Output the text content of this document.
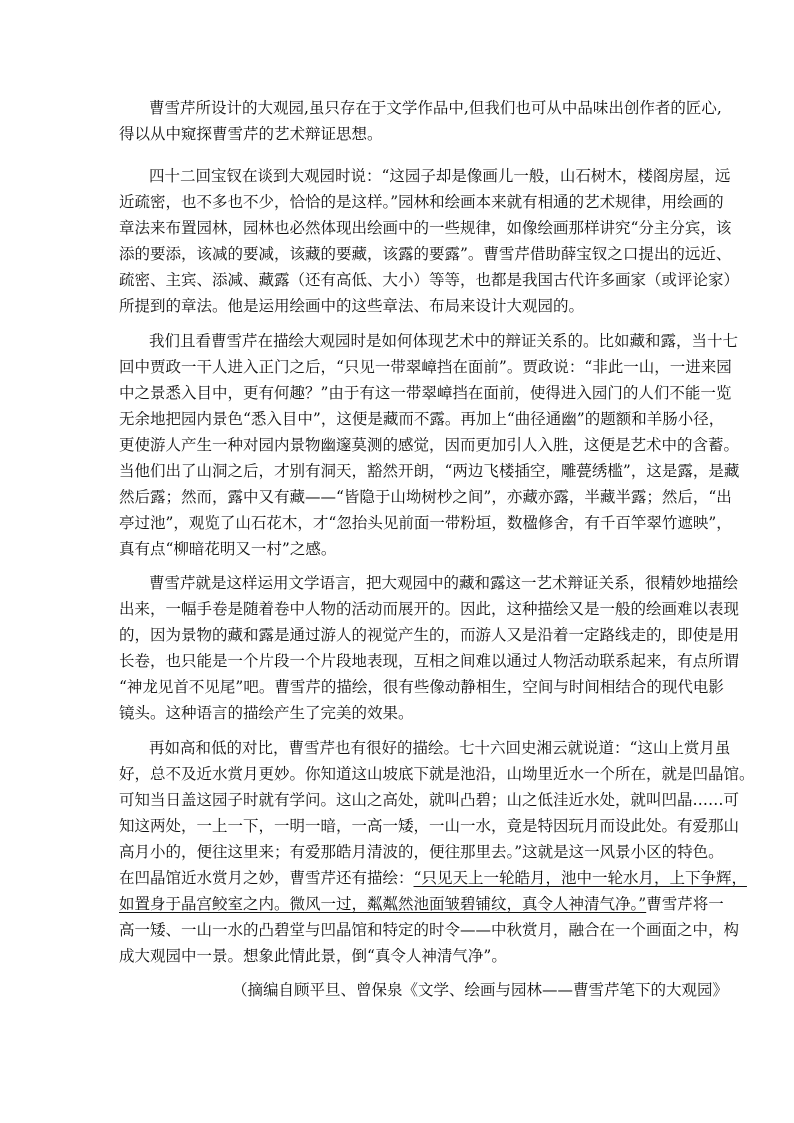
曹雪芹所设计的大观园,虽只存在于文学作品中,但我们也可从中品味出创作者的匠心,
得以从中窥探曹雪芹的艺术辩证思想。
四十二回宝钗在谈到大观园时说：“这园子却是像画儿一般，山石树木，楼阁房屋，远
近疏密，也不多也不少，恰恰的是这样。”园林和绘画本来就有相通的艺术规律，用绘画的
章法来布置园林，园林也必然体现出绘画中的一些规律，如像绘画那样讲究“分主分宾，该
添的要添，该减的要减，该藏的要藏，该露的要露”。曹雪芹借助薛宝钗之口提出的远近、
疏密、主宾、添减、藏露（还有高低、大小）等等，也都是我国古代许多画家（或评论家）
所提到的章法。他是运用绘画中的这些章法、布局来设计大观园的。
我们且看曹雪芹在描绘大观园时是如何体现艺术中的辩证关系的。比如藏和露，当十七
回中贾政一干人进入正门之后，“只见一带翠嶂挡在面前”。贾政说：“非此一山，一进来园
中之景悉入目中，更有何趣？”由于有这一带翠嶂挡在面前，使得进入园门的人们不能一览
无余地把园内景色“悉入目中”，这便是藏而不露。再加上“曲径通幽”的题额和羊肠小径，
更使游人产生一种对园内景物幽邃莫测的感觉，因而更加引人入胜，这便是艺术中的含蓄。
当他们出了山洞之后，才别有洞天，豁然开朗，“两边飞楼插空，雕甍绣槛”，这是露，是藏
然后露；然而，露中又有藏——“皆隐于山坳树杪之间”，亦藏亦露，半藏半露；然后，“出
亭过池”，观览了山石花木，才“忽抬头见前面一带粉垣，数楹修舍，有千百竿翠竹遮映”，
真有点“柳暗花明又一村”之感。
曹雪芹就是这样运用文学语言，把大观园中的藏和露这一艺术辩证关系，很精妙地描绘
出来，一幅手卷是随着卷中人物的活动而展开的。因此，这种描绘又是一般的绘画难以表现
的，因为景物的藏和露是通过游人的视觉产生的，而游人又是沿着一定路线走的，即使是用
长卷，也只能是一个片段一个片段地表现，互相之间难以通过人物活动联系起来，有点所谓
“神龙见首不见尾”吧。曹雪芹的描绘，很有些像动静相生，空间与时间相结合的现代电影
镜头。这种语言的描绘产生了完美的效果。
再如高和低的对比，曹雪芹也有很好的描绘。七十六回史湘云就说道：“这山上赏月虽
好，总不及近水赏月更妙。你知道这山坡底下就是池沿，山坳里近水一个所在，就是凹晶馆。
可知当日盖这园子时就有学问。这山之高处，就叫凸碧；山之低洼近水处，就叫凹晶……可
知这两处，一上一下，一明一暗，一高一矮，一山一水，竟是特因玩月而设此处。有爱那山
高月小的，便往这里来；有爱那皓月清波的，便往那里去。”这就是这一风景小区的特色。
在凹晶馆近水赏月之妙，曹雪芹还有描绘：“只见天上一轮皓月，池中一轮水月，上下争辉，
如置身于晶宫鲛室之内。微风一过，粼粼然池面皱碧铺纹，真令人神清气净。”曹雪芹将一
高一矮、一山一水的凸碧堂与凹晶馆和特定的时令——中秋赏月，融合在一个画面之中，构
成大观园中一景。想象此情此景，倒“真令人神清气净”。
（摘编自顾平旦、曾保泉《文学、绘画与园林——曹雪芹笔下的大观园》
